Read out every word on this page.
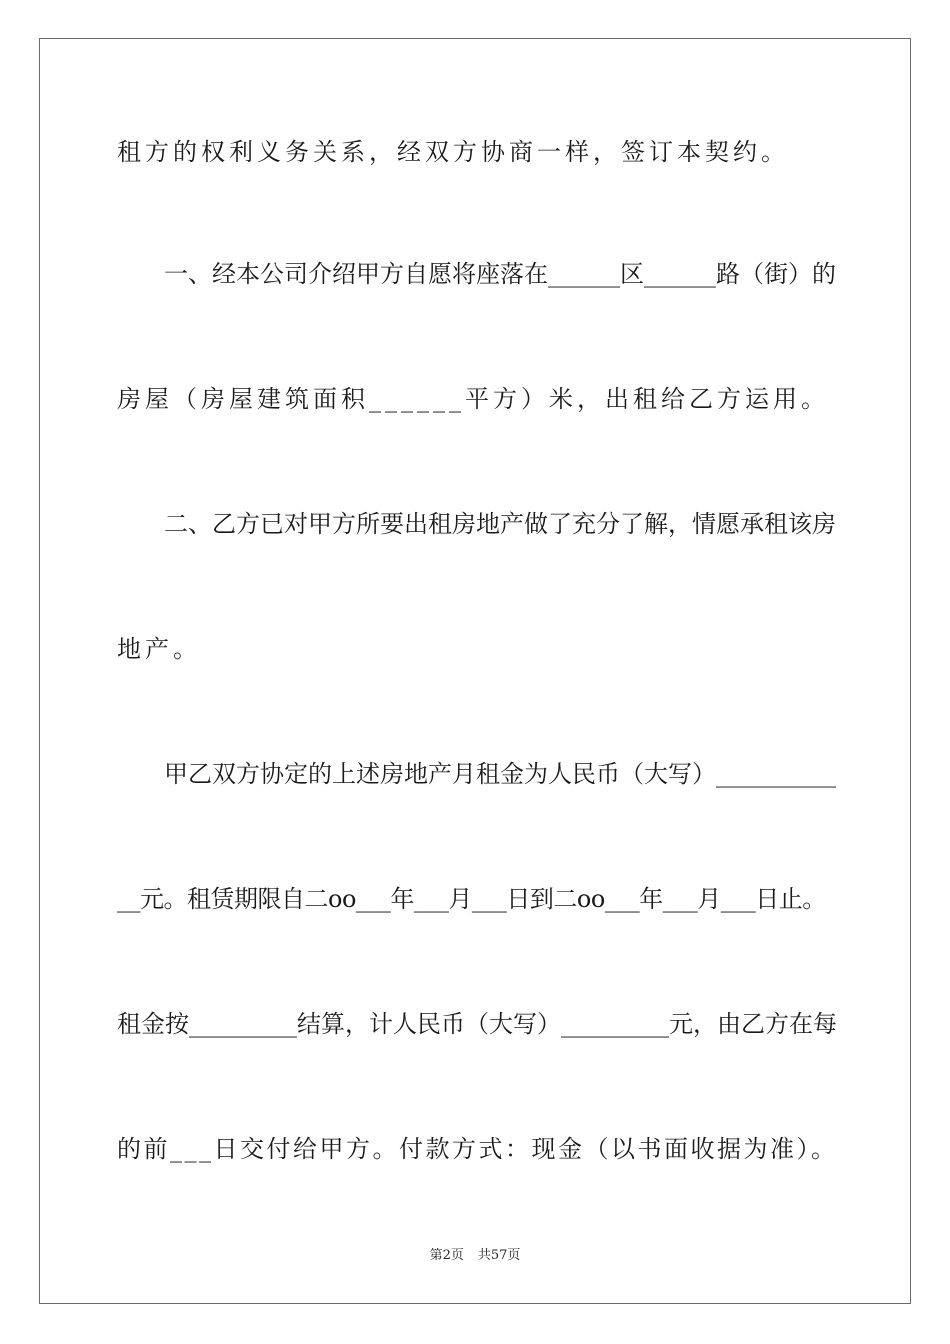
租方的权利义务关系，经双方协商一样，签订本契约。
一、经本公司介绍甲方自愿将座落在______区______路（街）的
房屋（房屋建筑面积______平方）米，出租给乙方运用。
二、乙方已对甲方所要出租房地产做了充分了解，情愿承租该房
地产。
甲乙双方协定的上述房地产月租金为人民币（大写）__________
__元。租赁期限自二oo___年___月___日到二oo___年___月___日止。
租金按_________结算，计人民币（大写）_________元，由乙方在每
的前___日交付给甲方。付款方式：现金（以书面收据为准）。
第2页 共57页
